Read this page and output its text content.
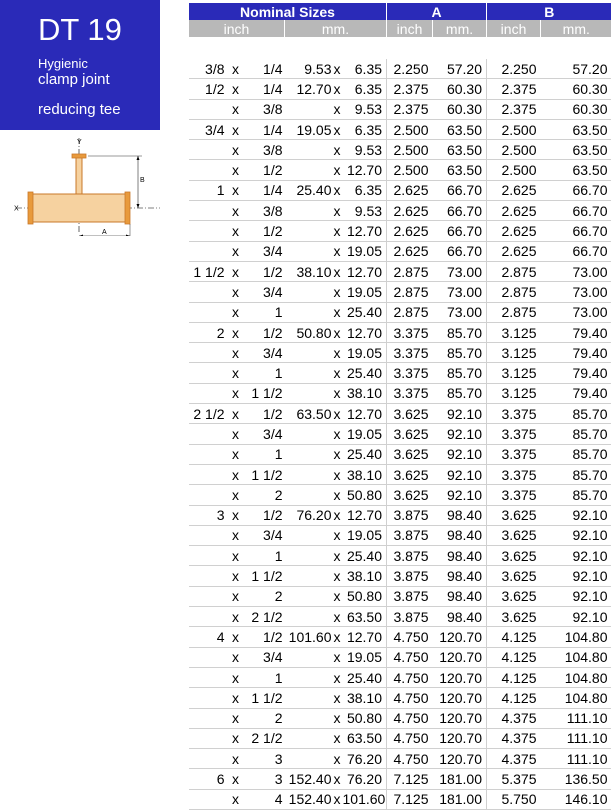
DT 19
Hygienic
clamp joint
reducing tee
X
Y
B
A
Nominal Sizes						A		B	
inch			mm.			inch	mm.	inch	mm.

3/8	x	1/4	9.53	x	6.35	2.250	57.20	2.250	57.20
1/2	x	1/4	12.70	x	6.35	2.375	60.30	2.375	60.30
	x	3/8		x	9.53	2.375	60.30	2.375	60.30
3/4	x	1/4	19.05	x	6.35	2.500	63.50	2.500	63.50
	x	3/8		x	9.53	2.500	63.50	2.500	63.50
	x	1/2		x	12.70	2.500	63.50	2.500	63.50
1	x	1/4	25.40	x	6.35	2.625	66.70	2.625	66.70
	x	3/8		x	9.53	2.625	66.70	2.625	66.70
	x	1/2		x	12.70	2.625	66.70	2.625	66.70
	x	3/4		x	19.05	2.625	66.70	2.625	66.70
1 1/2	x	1/2	38.10	x	12.70	2.875	73.00	2.875	73.00
	x	3/4		x	19.05	2.875	73.00	2.875	73.00
	x	1		x	25.40	2.875	73.00	2.875	73.00
2	x	1/2	50.80	x	12.70	3.375	85.70	3.125	79.40
	x	3/4		x	19.05	3.375	85.70	3.125	79.40
	x	1		x	25.40	3.375	85.70	3.125	79.40
	x	1 1/2		x	38.10	3.375	85.70	3.125	79.40
2 1/2	x	1/2	63.50	x	12.70	3.625	92.10	3.375	85.70
	x	3/4		x	19.05	3.625	92.10	3.375	85.70
	x	1		x	25.40	3.625	92.10	3.375	85.70
	x	1 1/2		x	38.10	3.625	92.10	3.375	85.70
	x	2		x	50.80	3.625	92.10	3.375	85.70
3	x	1/2	76.20	x	12.70	3.875	98.40	3.625	92.10
	x	3/4		x	19.05	3.875	98.40	3.625	92.10
	x	1		x	25.40	3.875	98.40	3.625	92.10
	x	1 1/2		x	38.10	3.875	98.40	3.625	92.10
	x	2		x	50.80	3.875	98.40	3.625	92.10
	x	2 1/2		x	63.50	3.875	98.40	3.625	92.10
4	x	1/2	101.60	x	12.70	4.750	120.70	4.125	104.80
	x	3/4		x	19.05	4.750	120.70	4.125	104.80
	x	1		x	25.40	4.750	120.70	4.125	104.80
	x	1 1/2		x	38.10	4.750	120.70	4.125	104.80
	x	2		x	50.80	4.750	120.70	4.375	111.10
	x	2 1/2		x	63.50	4.750	120.70	4.375	111.10
	x	3		x	76.20	4.750	120.70	4.375	111.10
6	x	3	152.40	x	76.20	7.125	181.00	5.375	136.50
	x	4	152.40	x	101.60	7.125	181.00	5.750	146.10
